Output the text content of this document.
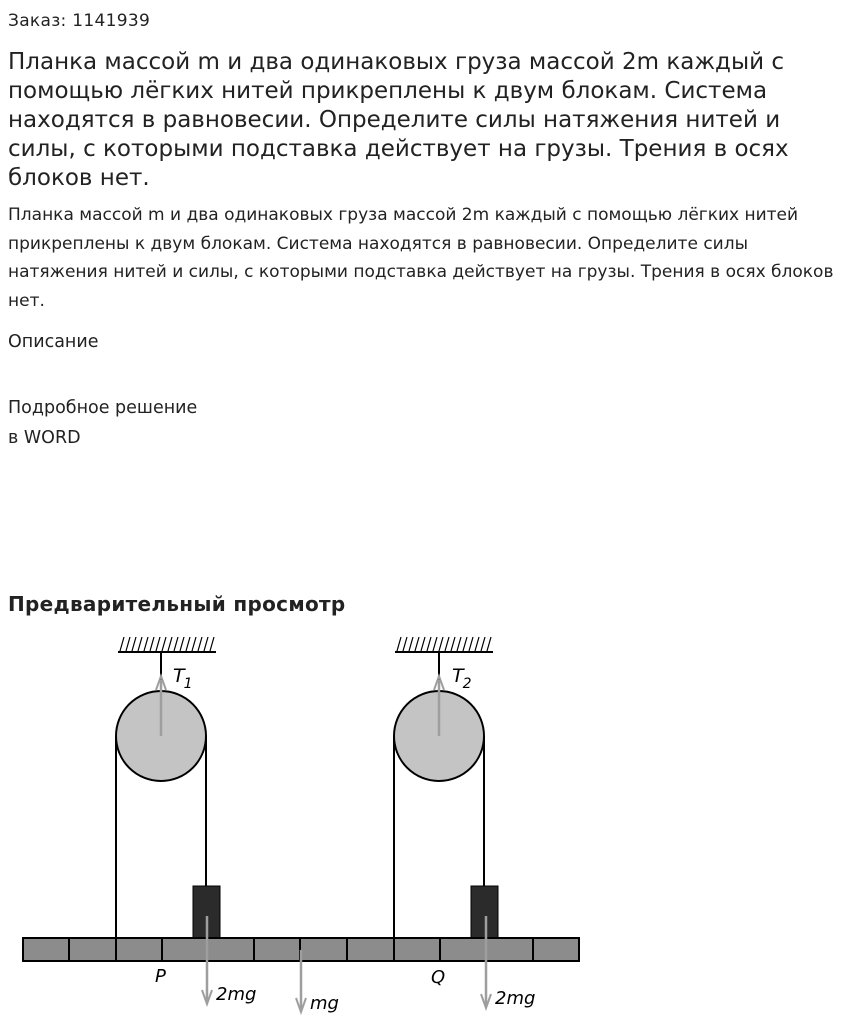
Заказ: 1141939
Планка массой m и два одинаковых груза массой 2m каждый с помощью лёгких нитей прикреплены к двум блокам. Система находятся в равновесии. Определите силы натяжения нитей и силы, с которыми подставка действует на грузы. Трения в осях блоков нет.

Планка массой m и два одинаковых груза массой 2m каждый с помощью лёгких нитей прикреплены к двум блокам. Система находятся в равновесии. Определите силы натяжения нитей и силы, с которыми подставка действует на грузы. Трения в осях блоков нет.

Описание
Подробное решение
в WORD
Предварительный просмотр
T1	T2
P	Q
2mg	mg	2mg
